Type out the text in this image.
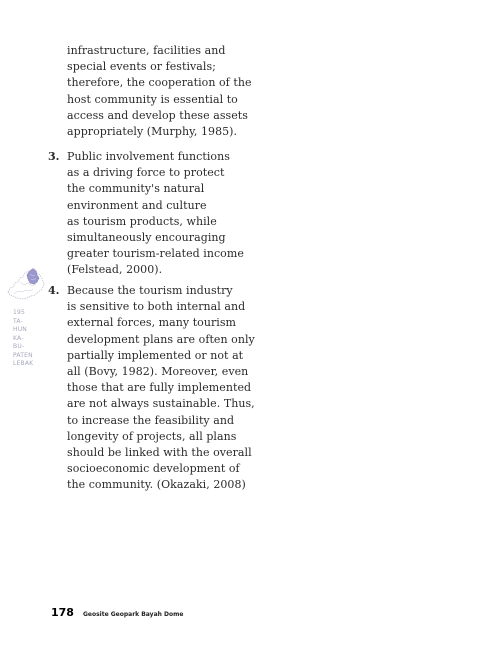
infrastructure, facilities and
special events or festivals;
therefore, the cooperation of the
host community is essential to
access and develop these assets
appropriately (Murphy, 1985).
3. Public involvement functions
as a driving force to protect
the community's natural
environment and culture
as tourism products, while
simultaneously encouraging
greater tourism-related income
(Felstead, 2000).
195
TA-
HUN
KA-
BU-
PATEN
LEBAK
4. Because the tourism industry
is sensitive to both internal and
external forces, many tourism
development plans are often only
partially implemented or not at
all (Bovy, 1982). Moreover, even
those that are fully implemented
are not always sustainable. Thus,
to increase the feasibility and
longevity of projects, all plans
should be linked with the overall
socioeconomic development of
the community. (Okazaki, 2008)
178 Geosite Geopark Bayah Dome
